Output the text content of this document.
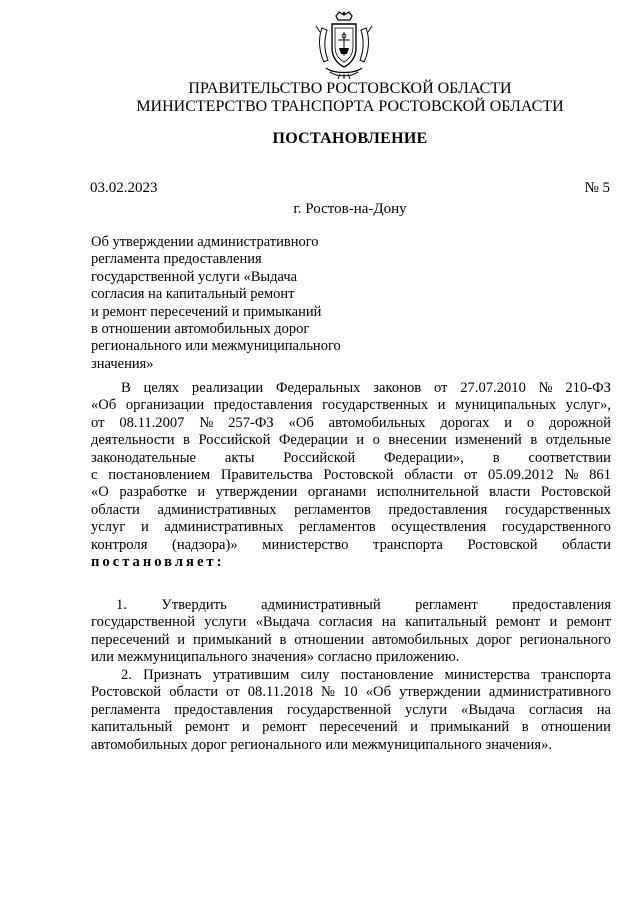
ПРАВИТЕЛЬСТВО РОСТОВСКОЙ ОБЛАСТИ
МИНИСТЕРСТВО ТРАНСПОРТА РОСТОВСКОЙ ОБЛАСТИ
ПОСТАНОВЛЕНИЕ
03.02.2023	№ 5
г. Ростов-на-Дону
Об утверждении административного
регламента предоставления
государственной услуги «Выдача
согласия на капитальный ремонт
и ремонт пересечений и примыканий
в отношении автомобильных дорог
регионального или межмуниципального
значения»
В целях реализации Федеральных законов от 27.07.2010 № 210-ФЗ
«Об организации предоставления государственных и муниципальных услуг»,
от 08.11.2007 № 257-ФЗ «Об автомобильных дорогах и о дорожной
деятельности в Российской Федерации и о внесении изменений в отдельные
законодательные акты Российской Федерации», в соответствии
с постановлением Правительства Ростовской области от 05.09.2012 № 861
«О разработке и утверждении органами исполнительной власти Ростовской
области административных регламентов предоставления государственных
услуг и административных регламентов осуществления государственного
контроля (надзора)» министерство транспорта Ростовской области
постановляет:
1. Утвердить административный регламент предоставления
государственной услуги «Выдача согласия на капитальный ремонт и ремонт
пересечений и примыканий в отношении автомобильных дорог регионального
или межмуниципального значения» согласно приложению.
2. Признать утратившим силу постановление министерства транспорта
Ростовской области от 08.11.2018 № 10 «Об утверждении административного
регламента предоставления государственной услуги «Выдача согласия на
капитальный ремонт и ремонт пересечений и примыканий в отношении
автомобильных дорог регионального или межмуниципального значения».
